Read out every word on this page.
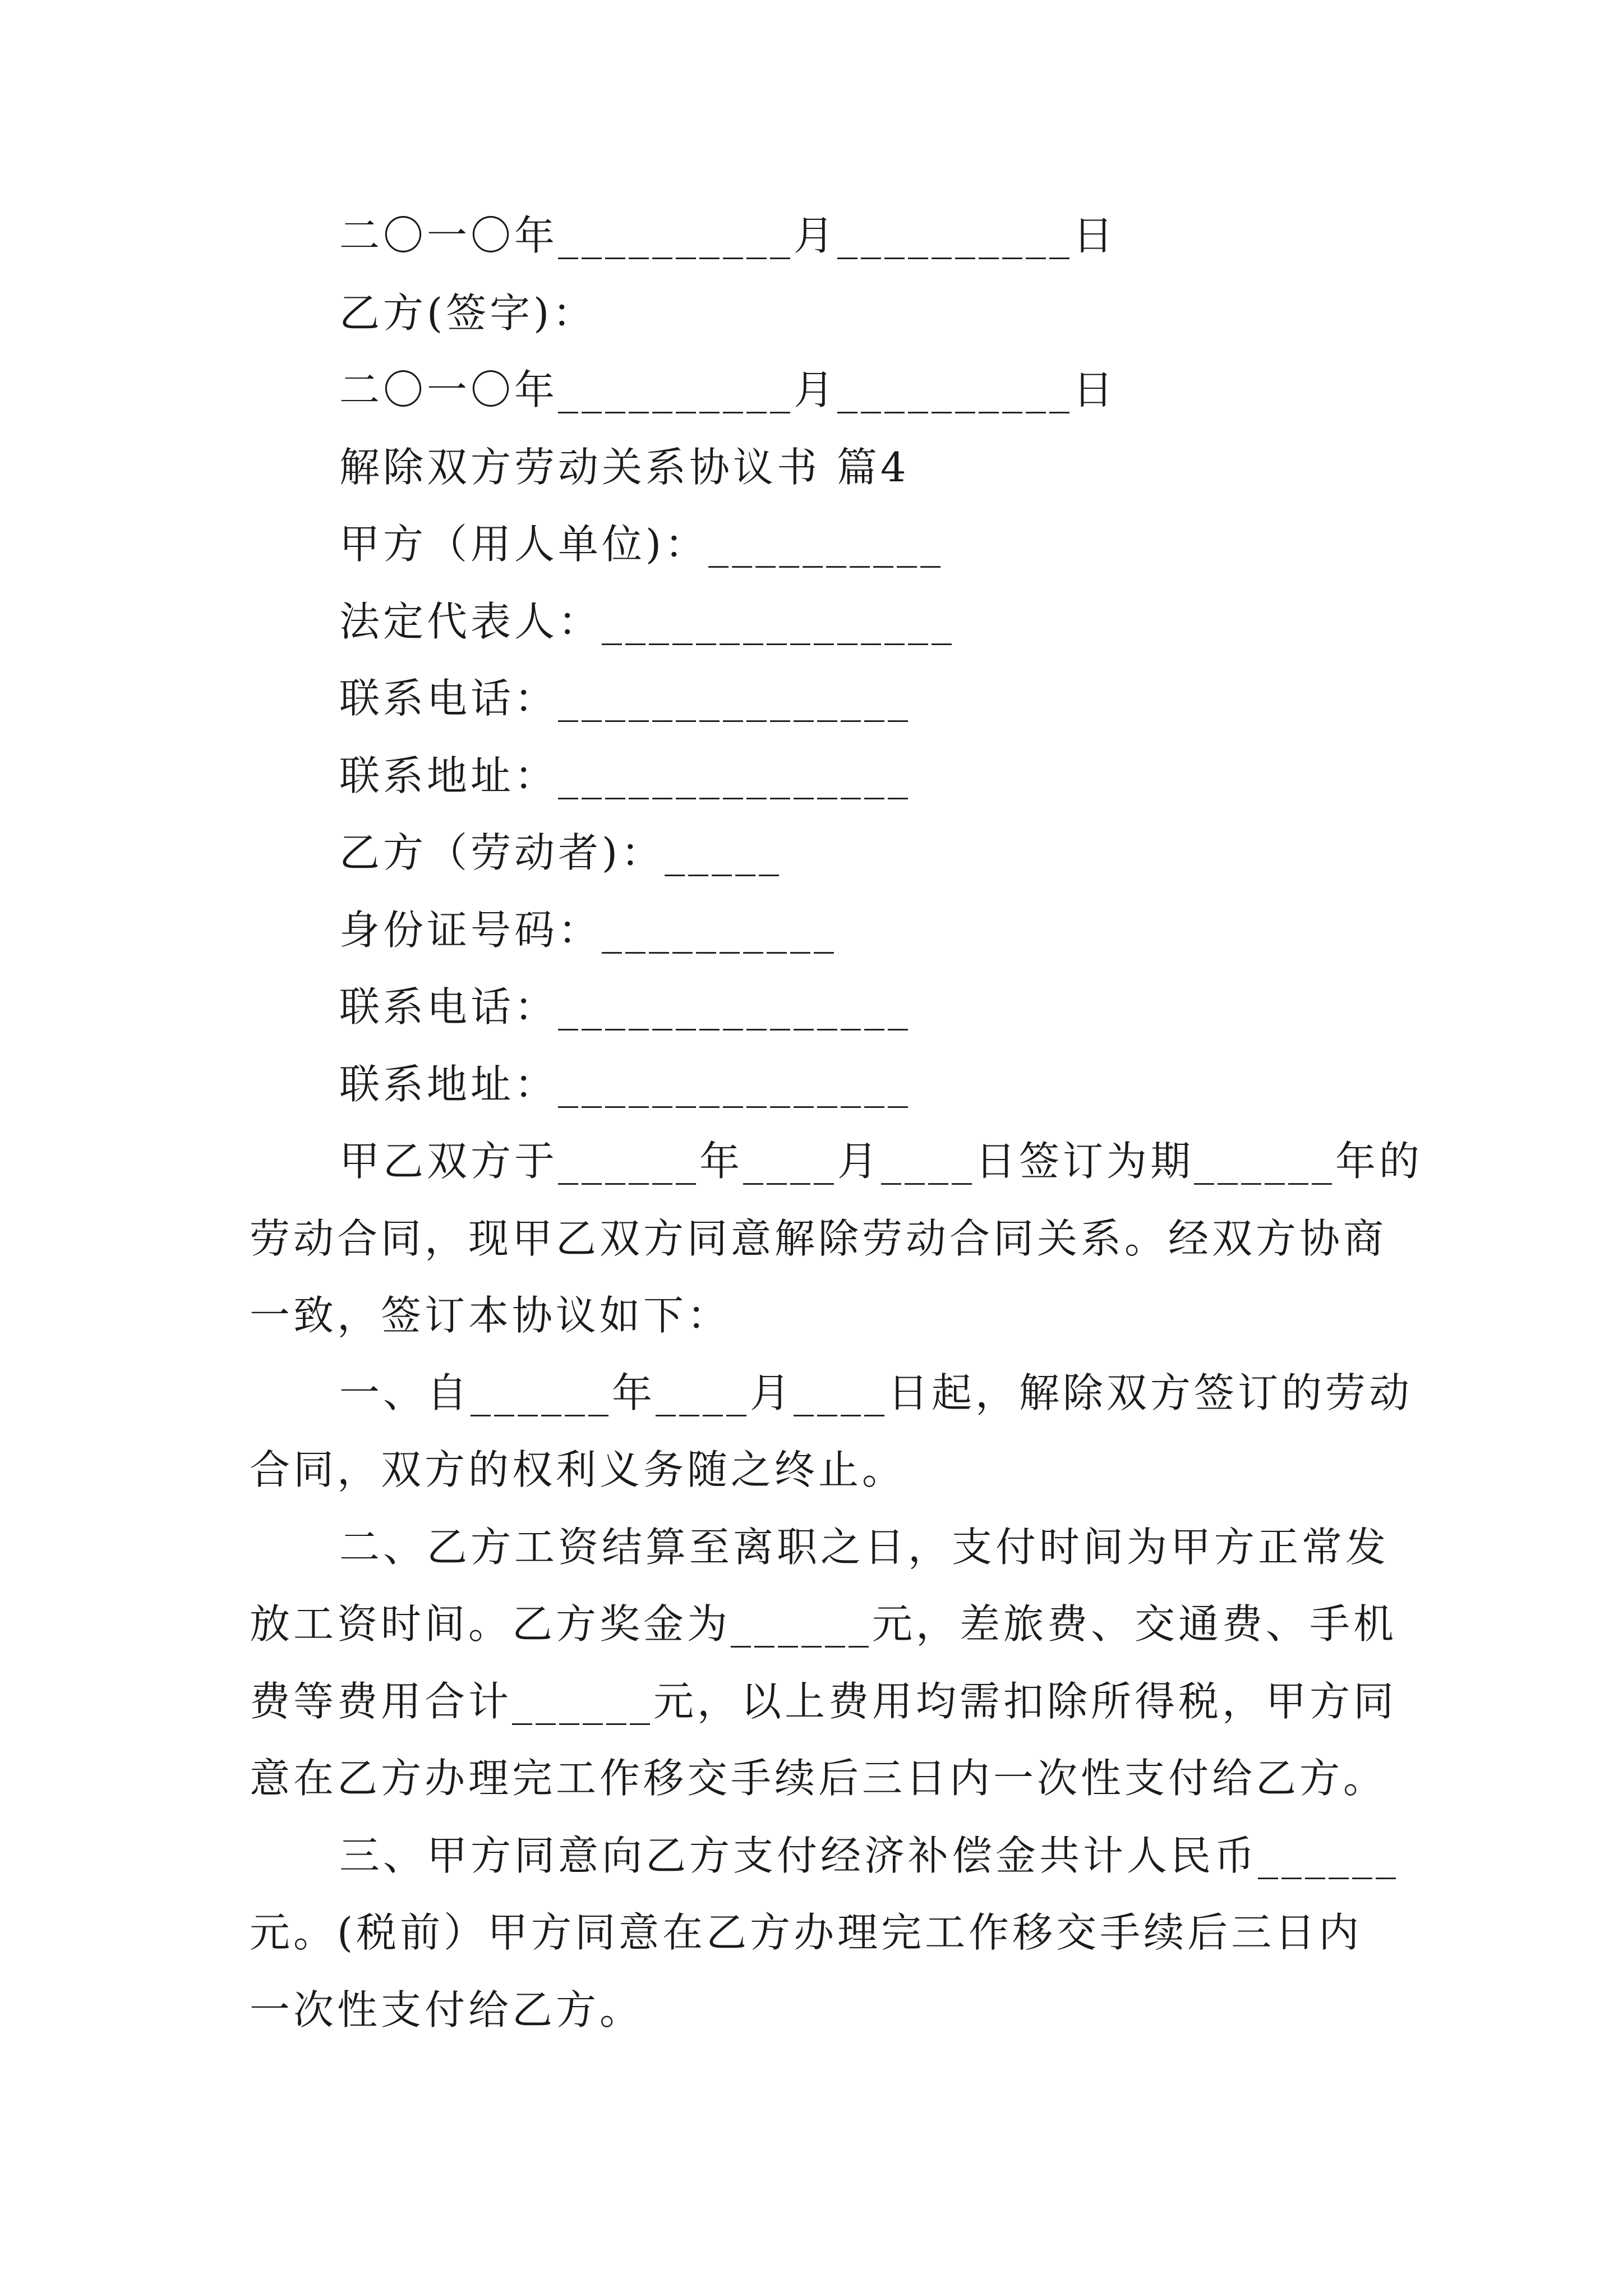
二〇一〇年__________月__________日
乙方(签字)：
二〇一〇年__________月__________日
解除双方劳动关系协议书 篇4
甲方（用人单位)：__________
法定代表人：_______________
联系电话：_______________
联系地址：_______________
乙方（劳动者)：_____
身份证号码：__________
联系电话：_______________
联系地址：_______________
甲乙双方于______年____月____日签订为期______年的
劳动合同，现甲乙双方同意解除劳动合同关系。经双方协商
一致，签订本协议如下：
一、自______年____月____日起，解除双方签订的劳动
合同，双方的权利义务随之终止。
二、乙方工资结算至离职之日，支付时间为甲方正常发
放工资时间。乙方奖金为______元，差旅费、交通费、手机
费等费用合计______元，以上费用均需扣除所得税，甲方同
意在乙方办理完工作移交手续后三日内一次性支付给乙方。
三、甲方同意向乙方支付经济补偿金共计人民币______
元。(税前）甲方同意在乙方办理完工作移交手续后三日内
一次性支付给乙方。
